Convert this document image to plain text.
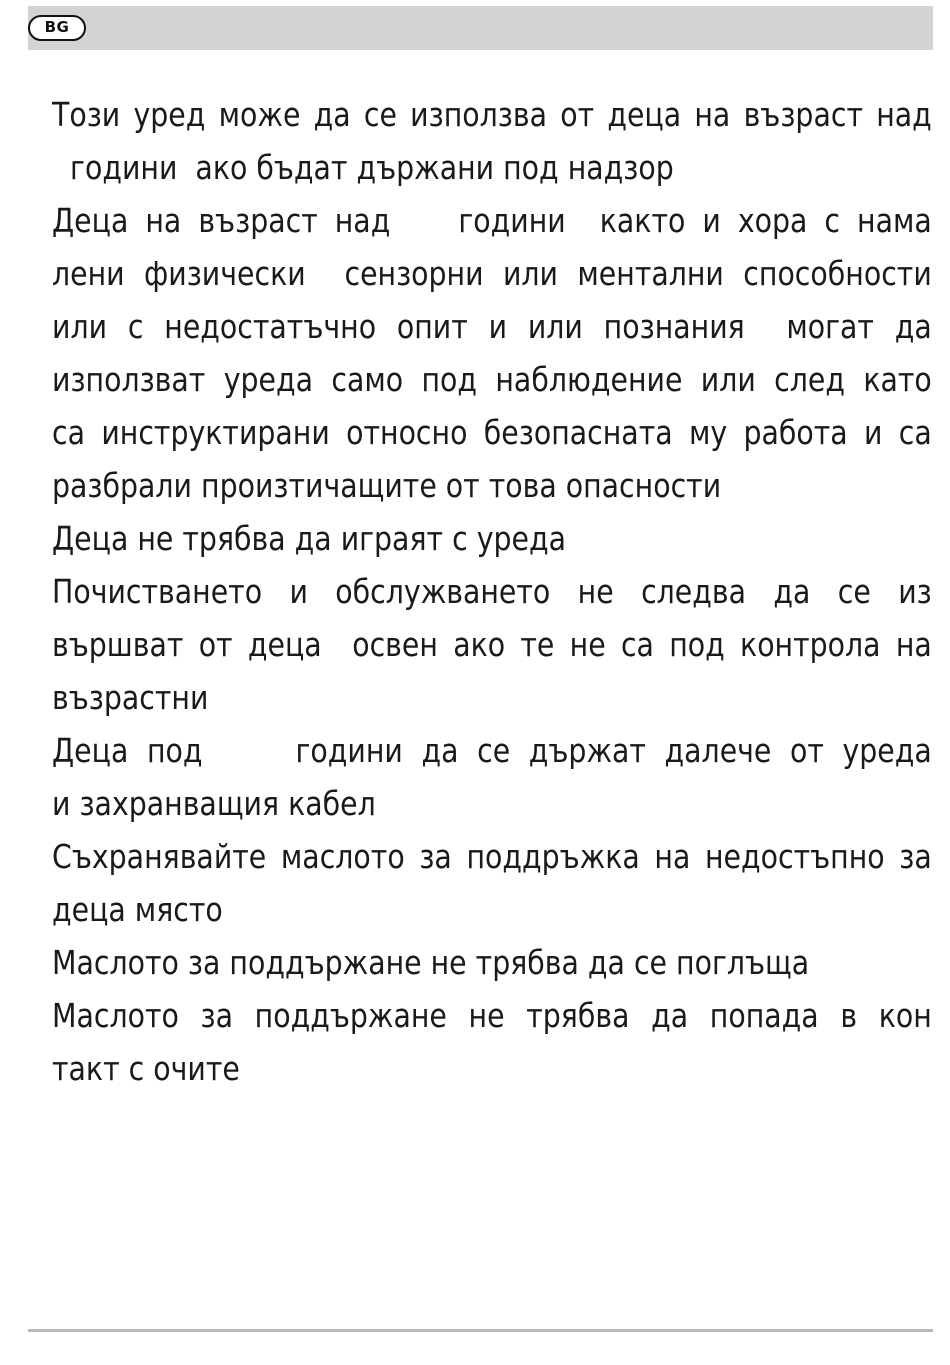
BG
Този уред може да се използва от деца на възраст над
години  ако бъдат държани под надзор
Деца на възраст над    години  както и хора с нама
лени физически  сензорни или ментални способности
или с недостатъчно опит и или познания  могат да
използват уреда само под наблюдение или след като
са инструктирани относно безопасната му работа и са
разбрали произтичащите от това опасности
Деца не трябва да играят с уреда
Почистването и обслужването не следва да се из
вършват от деца  освен ако те не са под контрола на
възрастни
Деца под     години да се държат далече от уреда
и захранващия кабел
Съхранявайте маслото за поддръжка на недостъпно за
деца място
Маслото за поддържане не трябва да се поглъща
Маслото за поддържане не трябва да попада в кон
такт с очите
